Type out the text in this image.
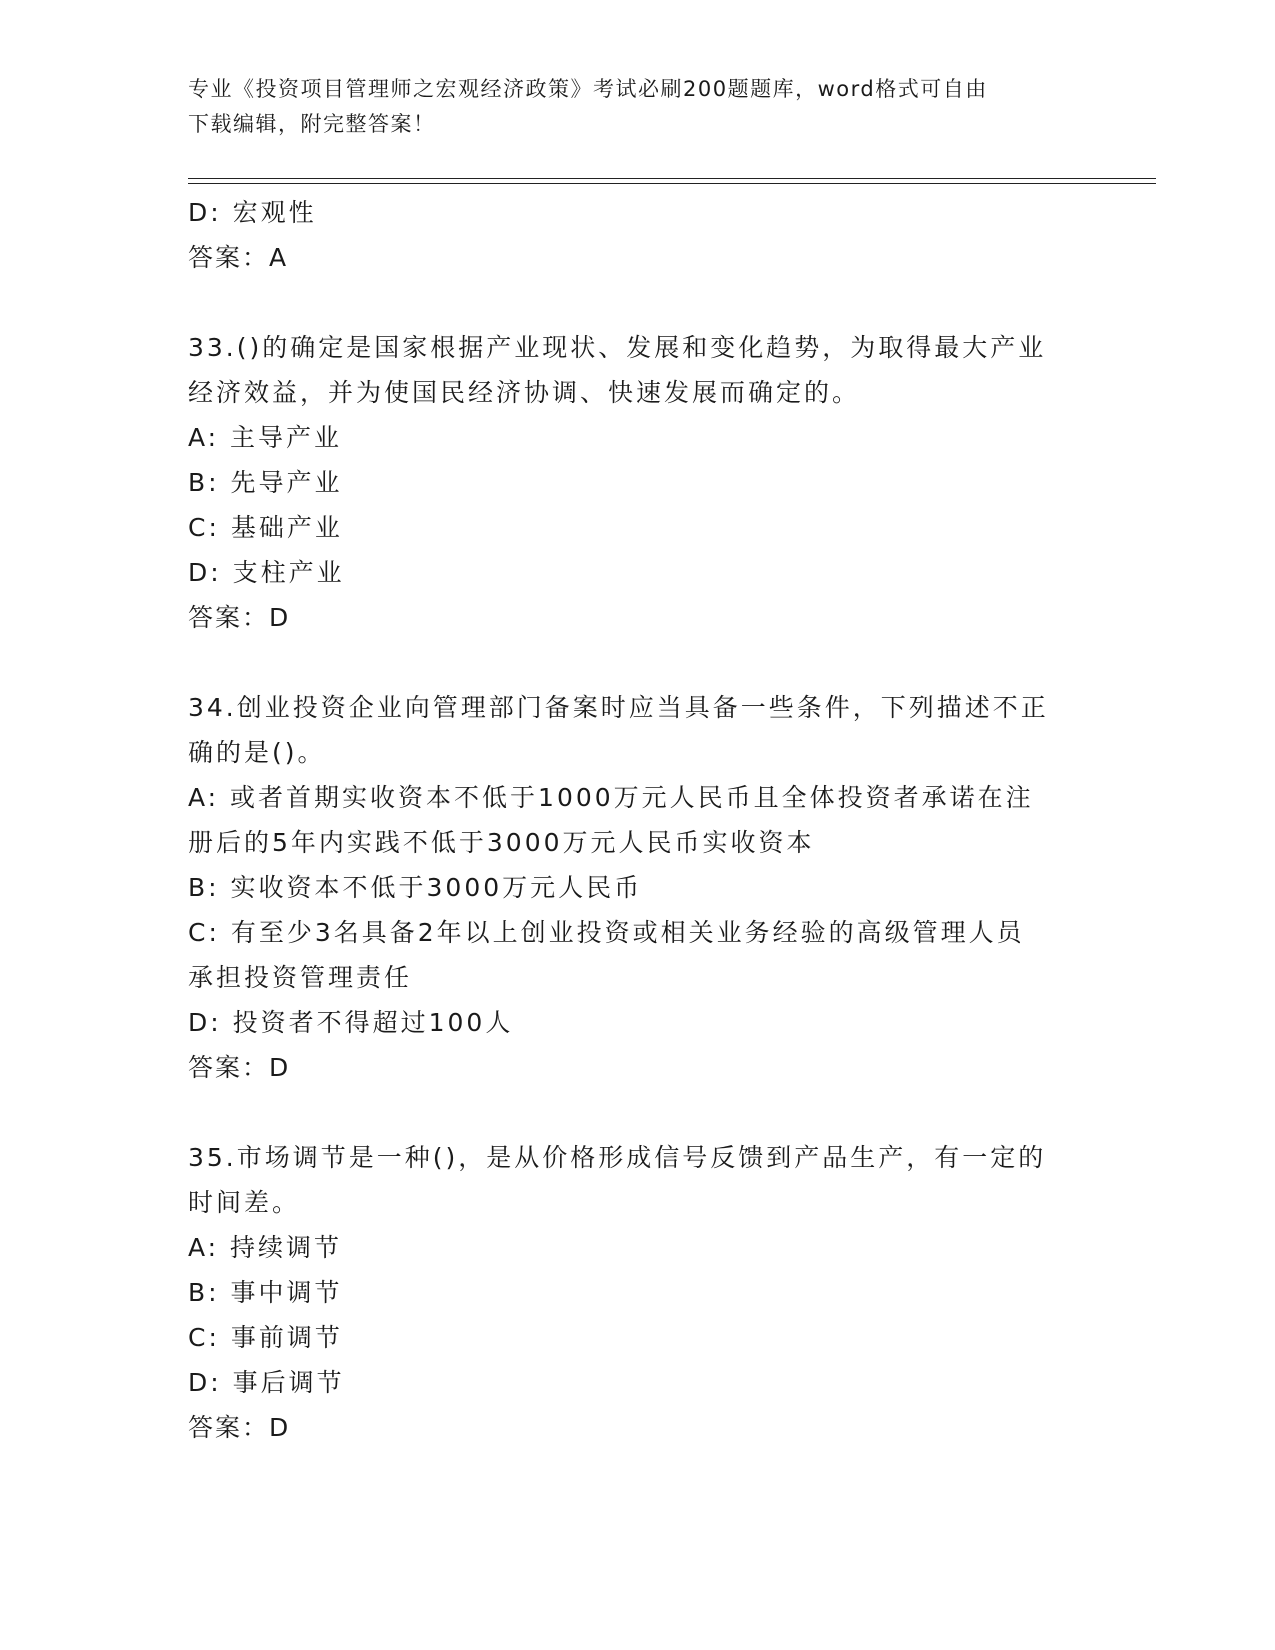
专业《投资项目管理师之宏观经济政策》考试必刷200题题库，word格式可自由
下载编辑，附完整答案！
D: 宏观性
答案：A
33.()的确定是国家根据产业现状、发展和变化趋势，为取得最大产业
经济效益，并为使国民经济协调、快速发展而确定的。
A: 主导产业
B: 先导产业
C: 基础产业
D: 支柱产业
答案：D
34.创业投资企业向管理部门备案时应当具备一些条件，下列描述不正
确的是()。
A: 或者首期实收资本不低于1000万元人民币且全体投资者承诺在注
册后的5年内实践不低于3000万元人民币实收资本
B: 实收资本不低于3000万元人民币
C: 有至少3名具备2年以上创业投资或相关业务经验的高级管理人员
承担投资管理责任
D: 投资者不得超过100人
答案：D
35.市场调节是一种()，是从价格形成信号反馈到产品生产，有一定的
时间差。
A: 持续调节
B: 事中调节
C: 事前调节
D: 事后调节
答案：D
